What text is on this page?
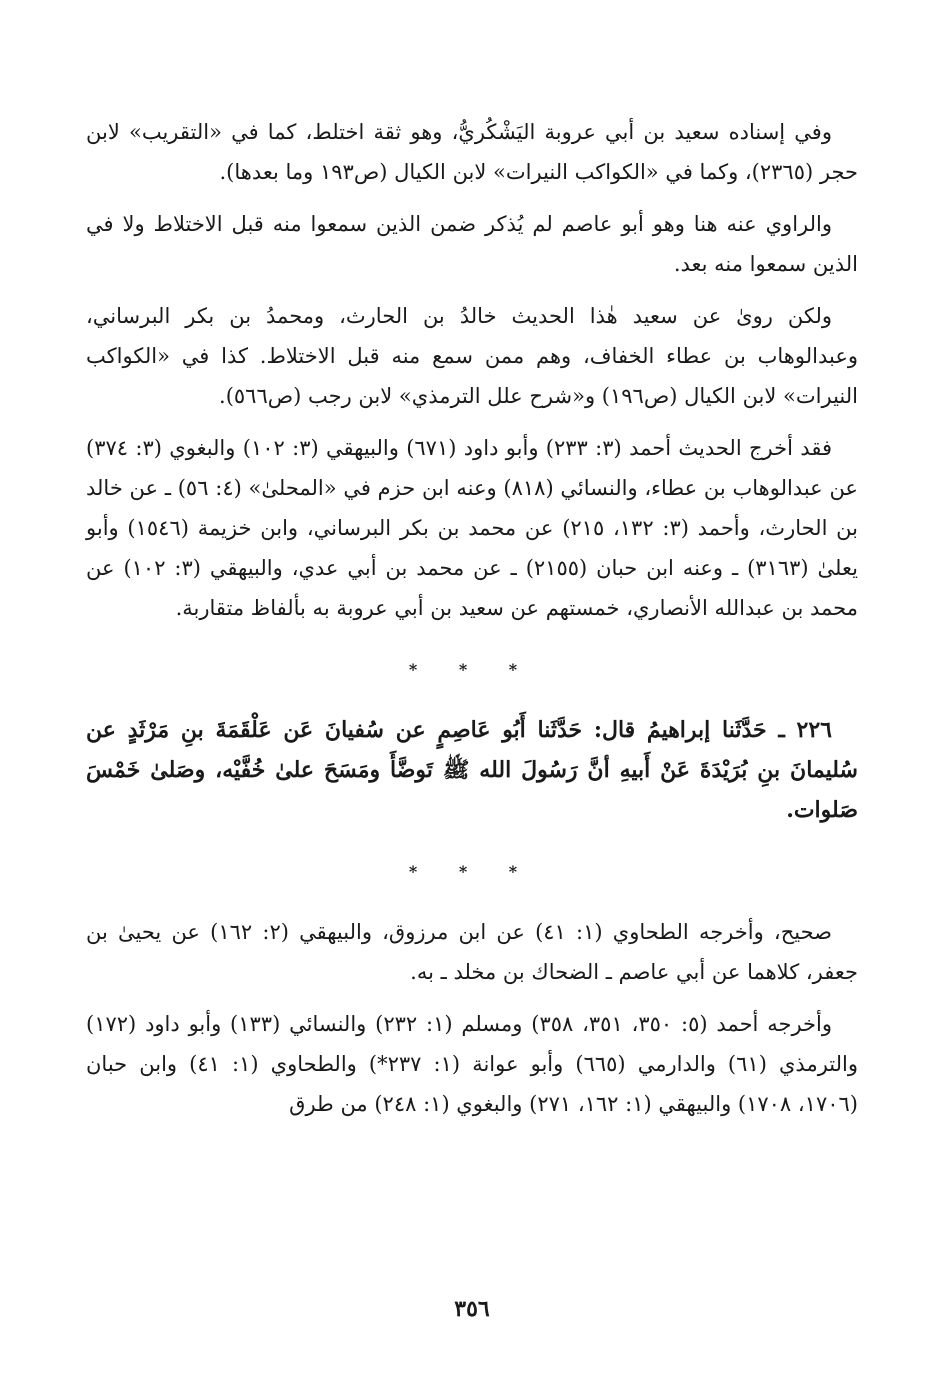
وفي إسناده سعيد بن أبي عروبة اليَشْكُريُّ، وهو ثقة اختلط، كما في «التقريب» لابن حجر (٢٣٦٥)، وكما في «الكواكب النيرات» لابن الكيال (ص١٩٣ وما بعدها).

والراوي عنه هنا وهو أبو عاصم لم يُذكر ضمن الذين سمعوا منه قبل الاختلاط ولا في الذين سمعوا منه بعد.

ولكن روىٰ عن سعيد هٰذا الحديث خالدُ بن الحارث، ومحمدُ بن بكر البرساني، وعبدالوهاب بن عطاء الخفاف، وهم ممن سمع منه قبل الاختلاط. كذا في «الكواكب النيرات» لابن الكيال (ص١٩٦) و«شرح علل الترمذي» لابن رجب (ص٥٦٦).

فقد أخرج الحديث أحمد (٣: ٢٣٣) وأبو داود (٦٧١) والبيهقي (٣: ١٠٢) والبغوي (٣: ٣٧٤) عن عبدالوهاب بن عطاء، والنسائي (٨١٨) وعنه ابن حزم في «المحلىٰ» (٤: ٥٦) ـ عن خالد بن الحارث، وأحمد (٣: ١٣٢، ٢١٥) عن محمد بن بكر البرساني، وابن خزيمة (١٥٤٦) وأبو يعلىٰ (٣١٦٣) ـ وعنه ابن حبان (٢١٥٥) ـ عن محمد بن أبي عدي، والبيهقي (٣: ١٠٢) عن محمد بن عبدالله الأنصاري، خمستهم عن سعيد بن أبي عروبة به بألفاظ متقاربة.

* * *

٢٢٦ ـ حَدَّثَنا إبراهيمُ قال: حَدَّثَنا أَبُو عَاصِمٍ عن سُفيانَ عَن عَلْقَمَةَ بنِ مَرْثَدٍ عن سُليمانَ بنِ بُرَيْدَةَ عَنْ أَبيهِ أنَّ رَسُولَ الله ﷺ تَوضَّأَ ومَسَحَ علىٰ خُفَّيْه، وصَلىٰ خَمْسَ صَلوات.

* * *

صحيح، وأخرجه الطحاوي (١: ٤١) عن ابن مرزوق، والبيهقي (٢: ١٦٢) عن يحيىٰ بن جعفر، كلاهما عن أبي عاصم ـ الضحاك بن مخلد ـ به.

وأخرجه أحمد (٥: ٣٥٠، ٣٥١، ٣٥٨) ومسلم (١: ٢٣٢) والنسائي (١٣٣) وأبو داود (١٧٢) والترمذي (٦١) والدارمي (٦٦٥) وأبو عوانة (١: ٢٣٧*) والطحاوي (١: ٤١) وابن حبان (١٧٠٦، ١٧٠٨) والبيهقي (١: ١٦٢، ٢٧١) والبغوي (١: ٢٤٨) من طرق

٣٥٦
